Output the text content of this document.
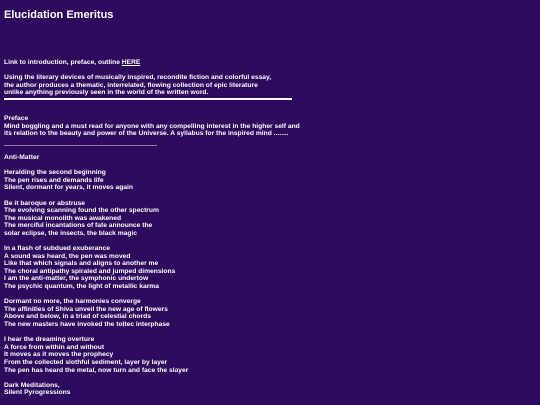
Elucidation Emeritus
Link to introduction, preface, outline HERE
Using the literary devices of musically inspired, recondite fiction and colorful essay,
the author produces a thematic, interrelated, flowing collection of epic literature
unlike anything previously seen in the world of the written word.
Preface
Mind boggling and a must read for anyone with any compelling interest in the higher self and
its relation to the beauty and power of the Universe. A syllabus for the inspired mind ........
Anti-Matter
Heralding the second beginning
The pen rises and demands life
Silent, dormant for years, it moves again
Be it baroque or abstruse
The evolving scanning found the other spectrum
The musical monolith was awakened
The merciful incantations of fate announce the
solar eclipse, the insects, the black magic
In a flash of subdued exuberance
A sound was heard, the pen was moved
Like that which signals and aligns to another me
The choral antipathy spiraled and jumped dimensions
I am the anti-matter, the symphonic undertow
The psychic quantum, the light of metallic karma
Dormant no more, the harmonies converge
The affinities of Shiva unveil the new age of flowers
Above and below, in a triad of celestial chords
The new masters have invoked the toltec interphase
I hear the dreaming overture
A force from within and without
It moves as it moves the prophecy
From the collected slothful sediment, layer by layer
The pen has heard the metal, now turn and face the slayer
Dark Meditations,
Silent Pyrogressions
